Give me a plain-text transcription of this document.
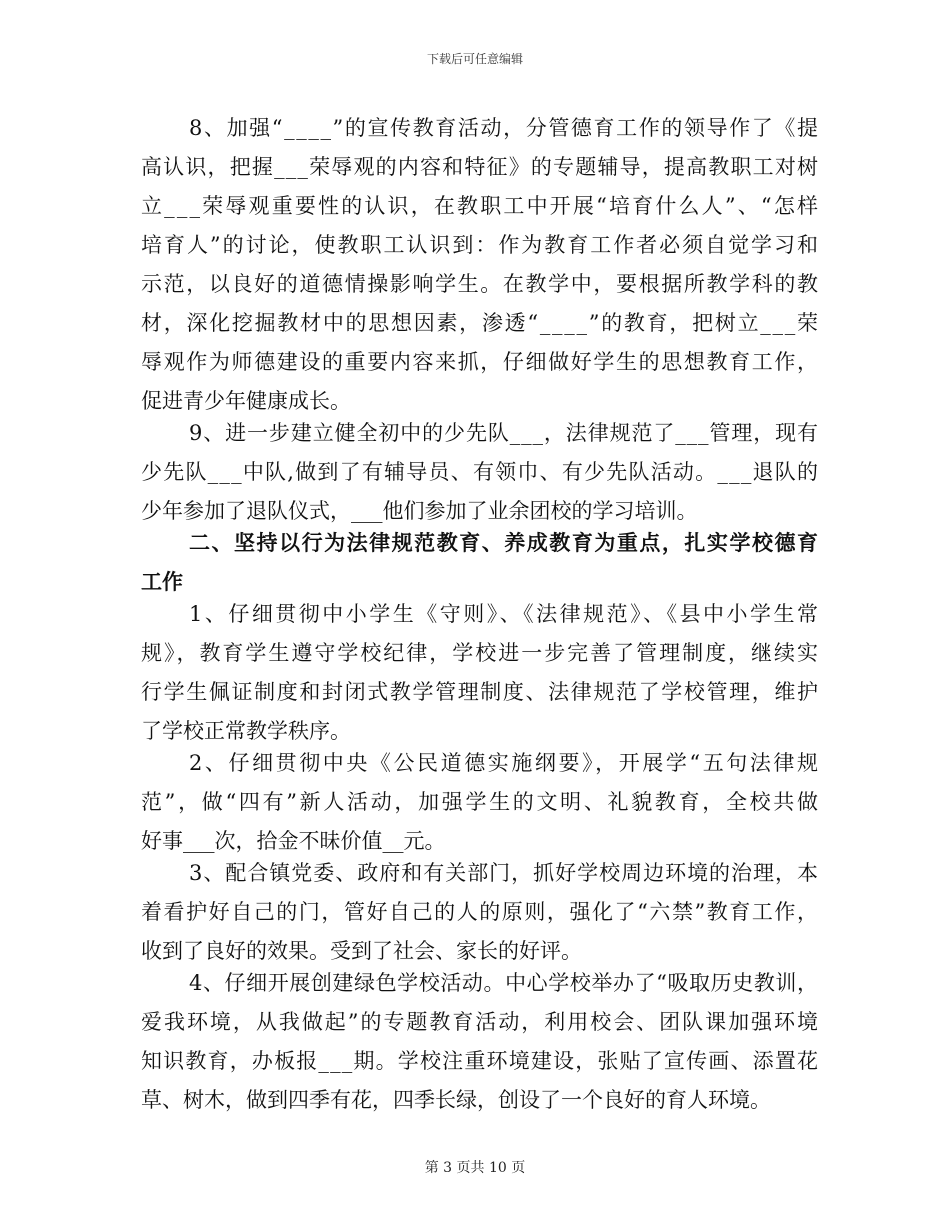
下载后可任意编辑
8、加强“____”的宣传教育活动，分管德育工作的领导作了《提
高认识，把握___荣辱观的内容和特征》的专题辅导，提高教职工对树
立___荣辱观重要性的认识，在教职工中开展“培育什么人”、“怎样
培育人”的讨论，使教职工认识到：作为教育工作者必须自觉学习和
示范，以良好的道德情操影响学生。在教学中，要根据所教学科的教
材，深化挖掘教材中的思想因素，渗透“____”的教育，把树立___荣
辱观作为师德建设的重要内容来抓，仔细做好学生的思想教育工作，
促进青少年健康成长。
9、进一步建立健全初中的少先队___，法律规范了___管理，现有
少先队___中队,做到了有辅导员、有领巾、有少先队活动。___退队的
少年参加了退队仪式，___他们参加了业余团校的学习培训。
二、坚持以行为法律规范教育、养成教育为重点，扎实学校德育
工作
1、仔细贯彻中小学生《守则》、《法律规范》、《县中小学生常
规》，教育学生遵守学校纪律，学校进一步完善了管理制度，继续实
行学生佩证制度和封闭式教学管理制度、法律规范了学校管理，维护
了学校正常教学秩序。
2、仔细贯彻中央《公民道德实施纲要》，开展学“五句法律规
范”，做“四有”新人活动，加强学生的文明、礼貌教育，全校共做
好事___次，拾金不昧价值__元。
3、配合镇党委、政府和有关部门，抓好学校周边环境的治理，本
着看护好自己的门，管好自己的人的原则，强化了“六禁”教育工作，
收到了良好的效果。受到了社会、家长的好评。
4、仔细开展创建绿色学校活动。中心学校举办了“吸取历史教训，
爱我环境，从我做起”的专题教育活动，利用校会、团队课加强环境
知识教育，办板报___期。学校注重环境建设，张贴了宣传画、添置花
草、树木，做到四季有花，四季长绿，创设了一个良好的育人环境。
第 3 页共 10 页
